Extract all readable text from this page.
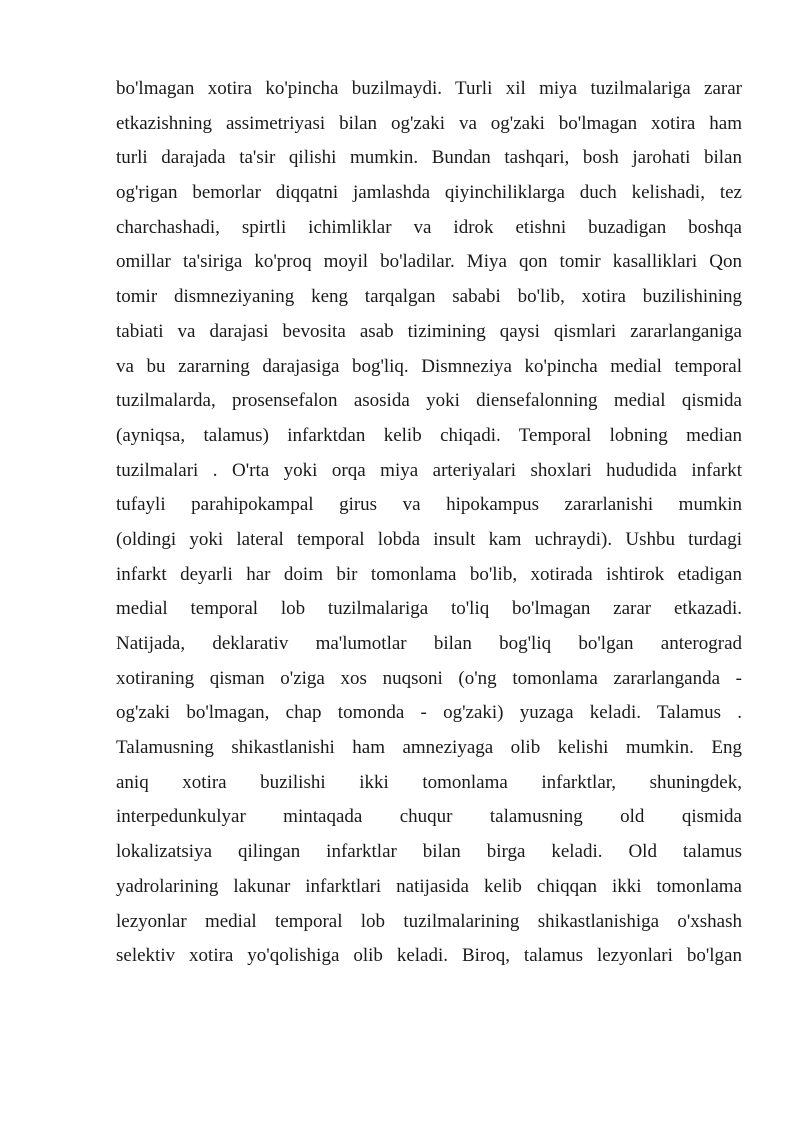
bo'lmagan xotira ko'pincha buzilmaydi. Turli xil miya tuzilmalariga zarar
etkazishning assimetriyasi bilan og'zaki va og'zaki bo'lmagan xotira ham
turli darajada ta'sir qilishi mumkin. Bundan tashqari, bosh jarohati bilan
og'rigan bemorlar diqqatni jamlashda qiyinchiliklarga duch kelishadi, tez
charchashadi, spirtli ichimliklar va idrok etishni buzadigan boshqa
omillar ta'siriga ko'proq moyil bo'ladilar. Miya qon tomir kasalliklari Qon
tomir dismneziyaning keng tarqalgan sababi bo'lib, xotira buzilishining
tabiati va darajasi bevosita asab tizimining qaysi qismlari zararlanganiga
va bu zararning darajasiga bog'liq. Dismneziya ko'pincha medial temporal
tuzilmalarda, prosensefalon asosida yoki diensefalonning medial qismida
(ayniqsa, talamus) infarktdan kelib chiqadi. Temporal lobning median
tuzilmalari . O'rta yoki orqa miya arteriyalari shoxlari hududida infarkt
tufayli parahipokampal girus va hipokampus zararlanishi mumkin
(oldingi yoki lateral temporal lobda insult kam uchraydi). Ushbu turdagi
infarkt deyarli har doim bir tomonlama bo'lib, xotirada ishtirok etadigan
medial temporal lob tuzilmalariga to'liq bo'lmagan zarar etkazadi.
Natijada, deklarativ ma'lumotlar bilan bog'liq bo'lgan anterograd
xotiraning qisman o'ziga xos nuqsoni (o'ng tomonlama zararlanganda -
og'zaki bo'lmagan, chap tomonda - og'zaki) yuzaga keladi. Talamus .
Talamusning shikastlanishi ham amneziyaga olib kelishi mumkin. Eng
aniq xotira buzilishi ikki tomonlama infarktlar, shuningdek,
interpedunkulyar mintaqada chuqur talamusning old qismida
lokalizatsiya qilingan infarktlar bilan birga keladi. Old talamus
yadrolarining lakunar infarktlari natijasida kelib chiqqan ikki tomonlama
lezyonlar medial temporal lob tuzilmalarining shikastlanishiga o'xshash
selektiv xotira yo'qolishiga olib keladi. Biroq, talamus lezyonlari bo'lgan
